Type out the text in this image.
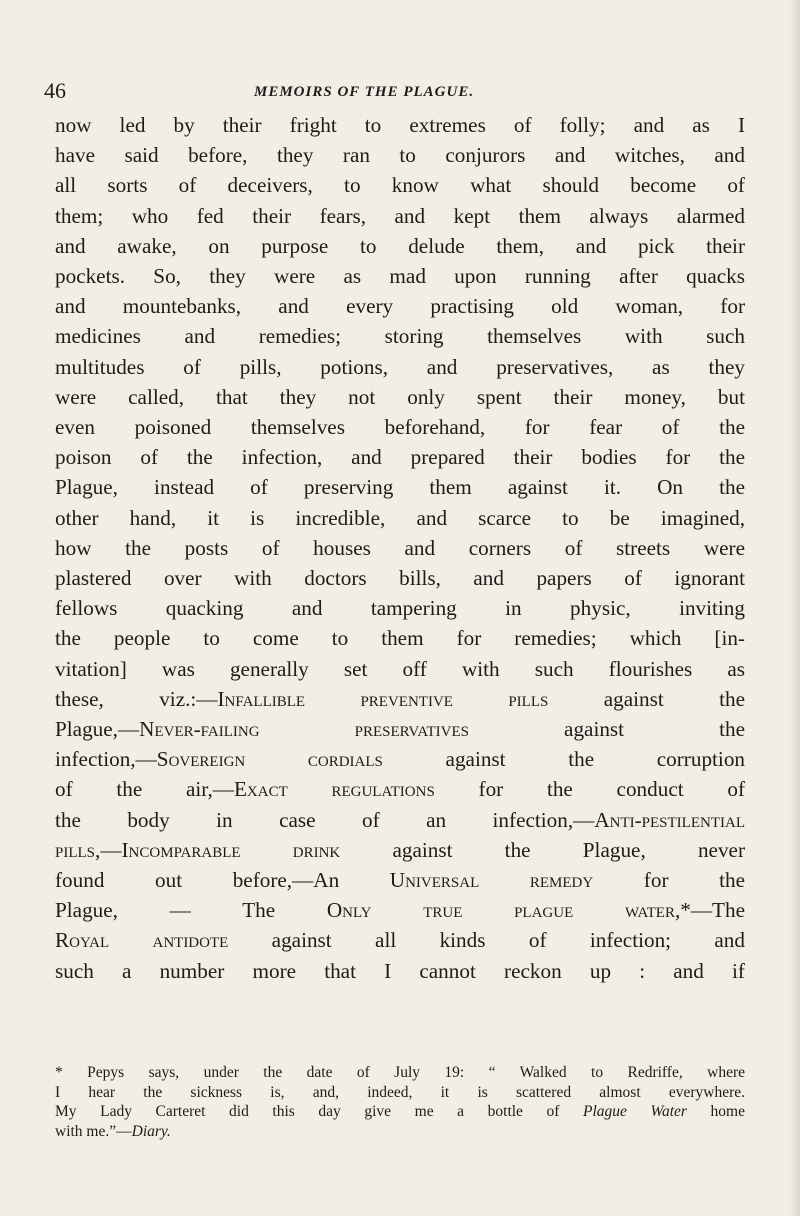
46	MEMOIRS OF THE PLAGUE.
now led by their fright to extremes of folly; and as I
have said before, they ran to conjurors and witches, and
all sorts of deceivers, to know what should become of
them; who fed their fears, and kept them always alarmed
and awake, on purpose to delude them, and pick their
pockets. So, they were as mad upon running after quacks
and mountebanks, and every practising old woman, for
medicines and remedies; storing themselves with such
multitudes of pills, potions, and preservatives, as they
were called, that they not only spent their money, but
even poisoned themselves beforehand, for fear of the
poison of the infection, and prepared their bodies for the
Plague, instead of preserving them against it. On the
other hand, it is incredible, and scarce to be imagined,
how the posts of houses and corners of streets were
plastered over with doctors bills, and papers of ignorant
fellows quacking and tampering in physic, inviting
the people to come to them for remedies; which [in-
vitation] was generally set off with such flourishes as
these, viz.:—Infallible preventive pills against the
Plague,—Never-failing preservatives against the
infection,—Sovereign cordials against the corruption
of the air,—Exact regulations for the conduct of
the body in case of an infection,—Anti-pestilential
pills,—Incomparable drink against the Plague, never
found out before,—An Universal remedy for the
Plague, — The Only true plague water,*—The
Royal antidote against all kinds of infection; and
such a number more that I cannot reckon up : and if
* Pepys says, under the date of July 19: “ Walked to Redriffe, where
I hear the sickness is, and, indeed, it is scattered almost everywhere.
My Lady Carteret did this day give me a bottle of Plague Water home
with me.”—Diary.
